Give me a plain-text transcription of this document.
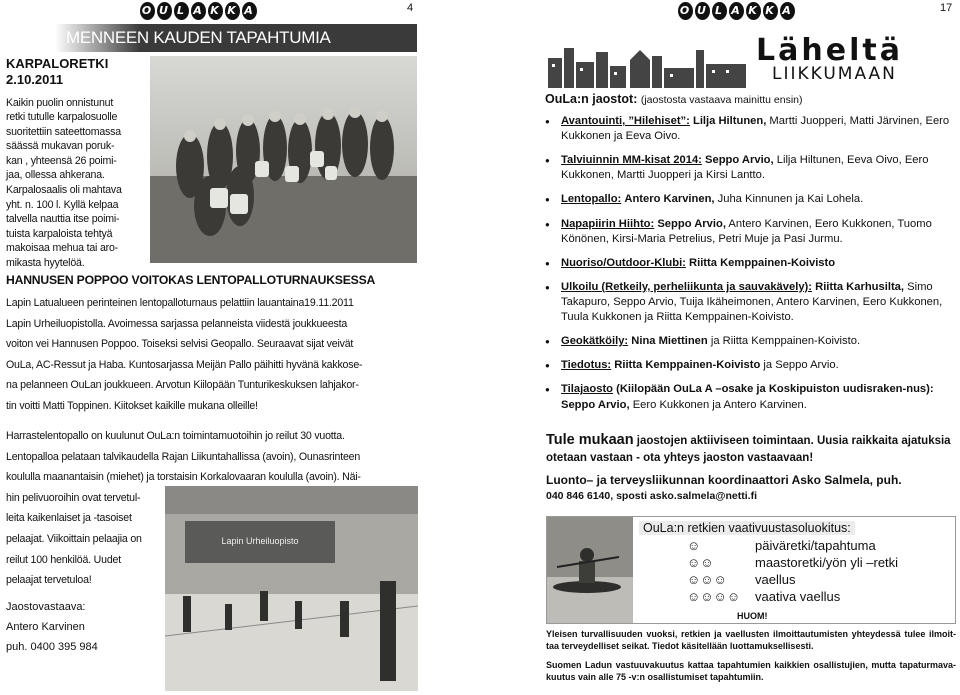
O U L A K K A	4
MENNEEN KAUDEN TAPAHTUMIA
KARPALORETKI
2.10.2011
Kaikin puolin onnistunut
retki tutulle karpalosuolle
suoritettiin sateettomassa
säässä mukavan poruk-
kan , yhteensä 26 poimi-
jaa, ollessa ahkerana.
Karpalosaalis oli mahtava
yht. n. 100 l. Kyllä kelpaa
talvella nauttia itse poimi-
tuista karpaloista tehtyä
makoisaa mehua tai aro-
mikasta hyytelöä.
HANNUSEN POPPOO VOITOKAS LENTOPALLOTURNAUKSESSA
Lapin Latualueen perinteinen lentopalloturnaus pelattiin lauantaina19.11.2011
Lapin Urheiluopistolla. Avoimessa sarjassa pelanneista viidestä joukkueesta
voiton vei Hannusen Poppoo. Toiseksi selvisi Geopallo. Seuraavat sijat veivät
OuLa, AC-Ressut ja Haba. Kuntosarjassa Meijän Pallo päihitti hyvänä kakkose-
na pelanneen OuLan joukkueen. Arvotun Kiilopään Tunturikeskuksen lahjakor-
tin voitti Matti Toppinen. Kiitokset kaikille mukana olleille!
Harrastelentopallo on kuulunut OuLa:n toimintamuotoihin jo reilut 30 vuotta.
Lentopalloa pelataan talvikaudella Rajan Liikuntahallissa (avoin), Ounasrinteen
koululla maanantaisin (miehet) ja torstaisin Korkalovaaran koululla (avoin). Näi-
hin pelivuoroihin ovat tervetul-
leita kaikenlaiset ja -tasoiset
pelaajat. Viikoittain pelaajia on
reilut 100 henkilöä. Uudet
pelaajat tervetuloa!
Jaostovastaava:
Antero Karvinen
puh. 0400 395 984
Lapin Urheiluopisto
O U L A K K A	17
Läheltä
LIIKKUMAAN
OuLa:n jaostot: (jaostosta vastaava mainittu ensin)
● Avantouinti, ”Hilehiset”: Lilja Hiltunen, Martti Juopperi, Matti Järvinen, Eero Kukkonen ja Eeva Oivo.
● Talviuinnin MM-kisat 2014: Seppo Arvio, Lilja Hiltunen, Eeva Oivo, Eero Kukkonen, Martti Juopperi ja Kirsi Lantto.
● Lentopallo: Antero Karvinen, Juha Kinnunen ja Kai Lohela.
● Napapiirin Hiihto: Seppo Arvio, Antero Karvinen, Eero Kukkonen, Tuomo Könönen, Kirsi-Maria Petrelius, Petri Muje ja Pasi Jurmu.
● Nuoriso/Outdoor-Klubi: Riitta Kemppainen-Koivisto
● Ulkoilu (Retkeily, perheliikunta ja sauvakävely): Riitta Karhusilta, Simo Takapuro, Seppo Arvio, Tuija Ikäheimonen, Antero Karvinen, Eero Kukkonen, Tuula Kukkonen ja Riitta Kemppainen-Koivisto.
● Geokätköily: Nina Miettinen ja Riitta Kemppainen-Koivisto.
● Tiedotus: Riitta Kemppainen-Koivisto ja Seppo Arvio.
● Tilajaosto (Kiilopään OuLa A –osake ja Koskipuiston uudisraken-nus): Seppo Arvio, Eero Kukkonen ja Antero Karvinen.
Tule mukaan jaostojen aktiiviseen toimintaan. Uusia raikkaita ajatuksia otetaan vastaan - ota yhteys jaoston vastaavaan!
Luonto– ja terveysliikunnan koordinaattori Asko Salmela, puh.
040 846 6140, sposti asko.salmela@netti.fi
OuLa:n retkien vaativuustasoluokitus:
☺	päiväretki/tapahtuma
☺☺	maastoretki/yön yli –retki
☺☺☺	vaellus
☺☺☺☺	vaativa vaellus
HUOM!
Yleisen turvallisuuden vuoksi, retkien ja vaellusten ilmoittautumisten yhteydessä tulee ilmoit-taa terveydelliset seikat. Tiedot käsitellään luottamuksellisesti.
Suomen Ladun vastuuvakuutus kattaa tapahtumien kaikkien osallistujien, mutta tapaturmava-kuutus vain alle 75 -v:n osallistumiset tapahtumiin.
